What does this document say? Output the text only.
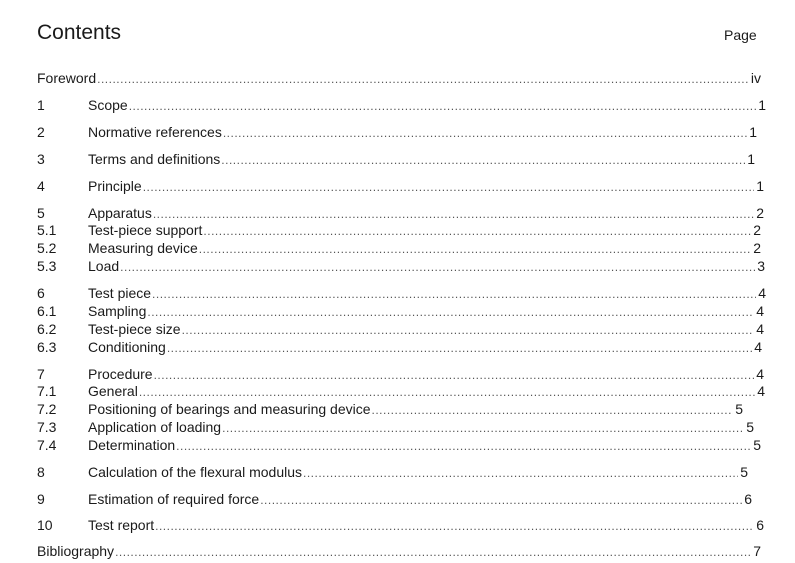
Contents	Page
Foreword .....	iv
1	Scope .....	1
2	Normative references .....	1
3	Terms and definitions .....	1
4	Principle .....	1
5	Apparatus .....	2
5.1	Test-piece support .....	2
5.2	Measuring device .....	2
5.3	Load .....	3
6	Test piece .....	4
6.1	Sampling .....	4
6.2	Test-piece size .....	4
6.3	Conditioning .....	4
7	Procedure .....	4
7.1	General .....	4
7.2	Positioning of bearings and measuring device .....	5
7.3	Application of loading .....	5
7.4	Determination .....	5
8	Calculation of the flexural modulus .....	5
9	Estimation of required force .....	6
10	Test report .....	6
Bibliography .....	7
